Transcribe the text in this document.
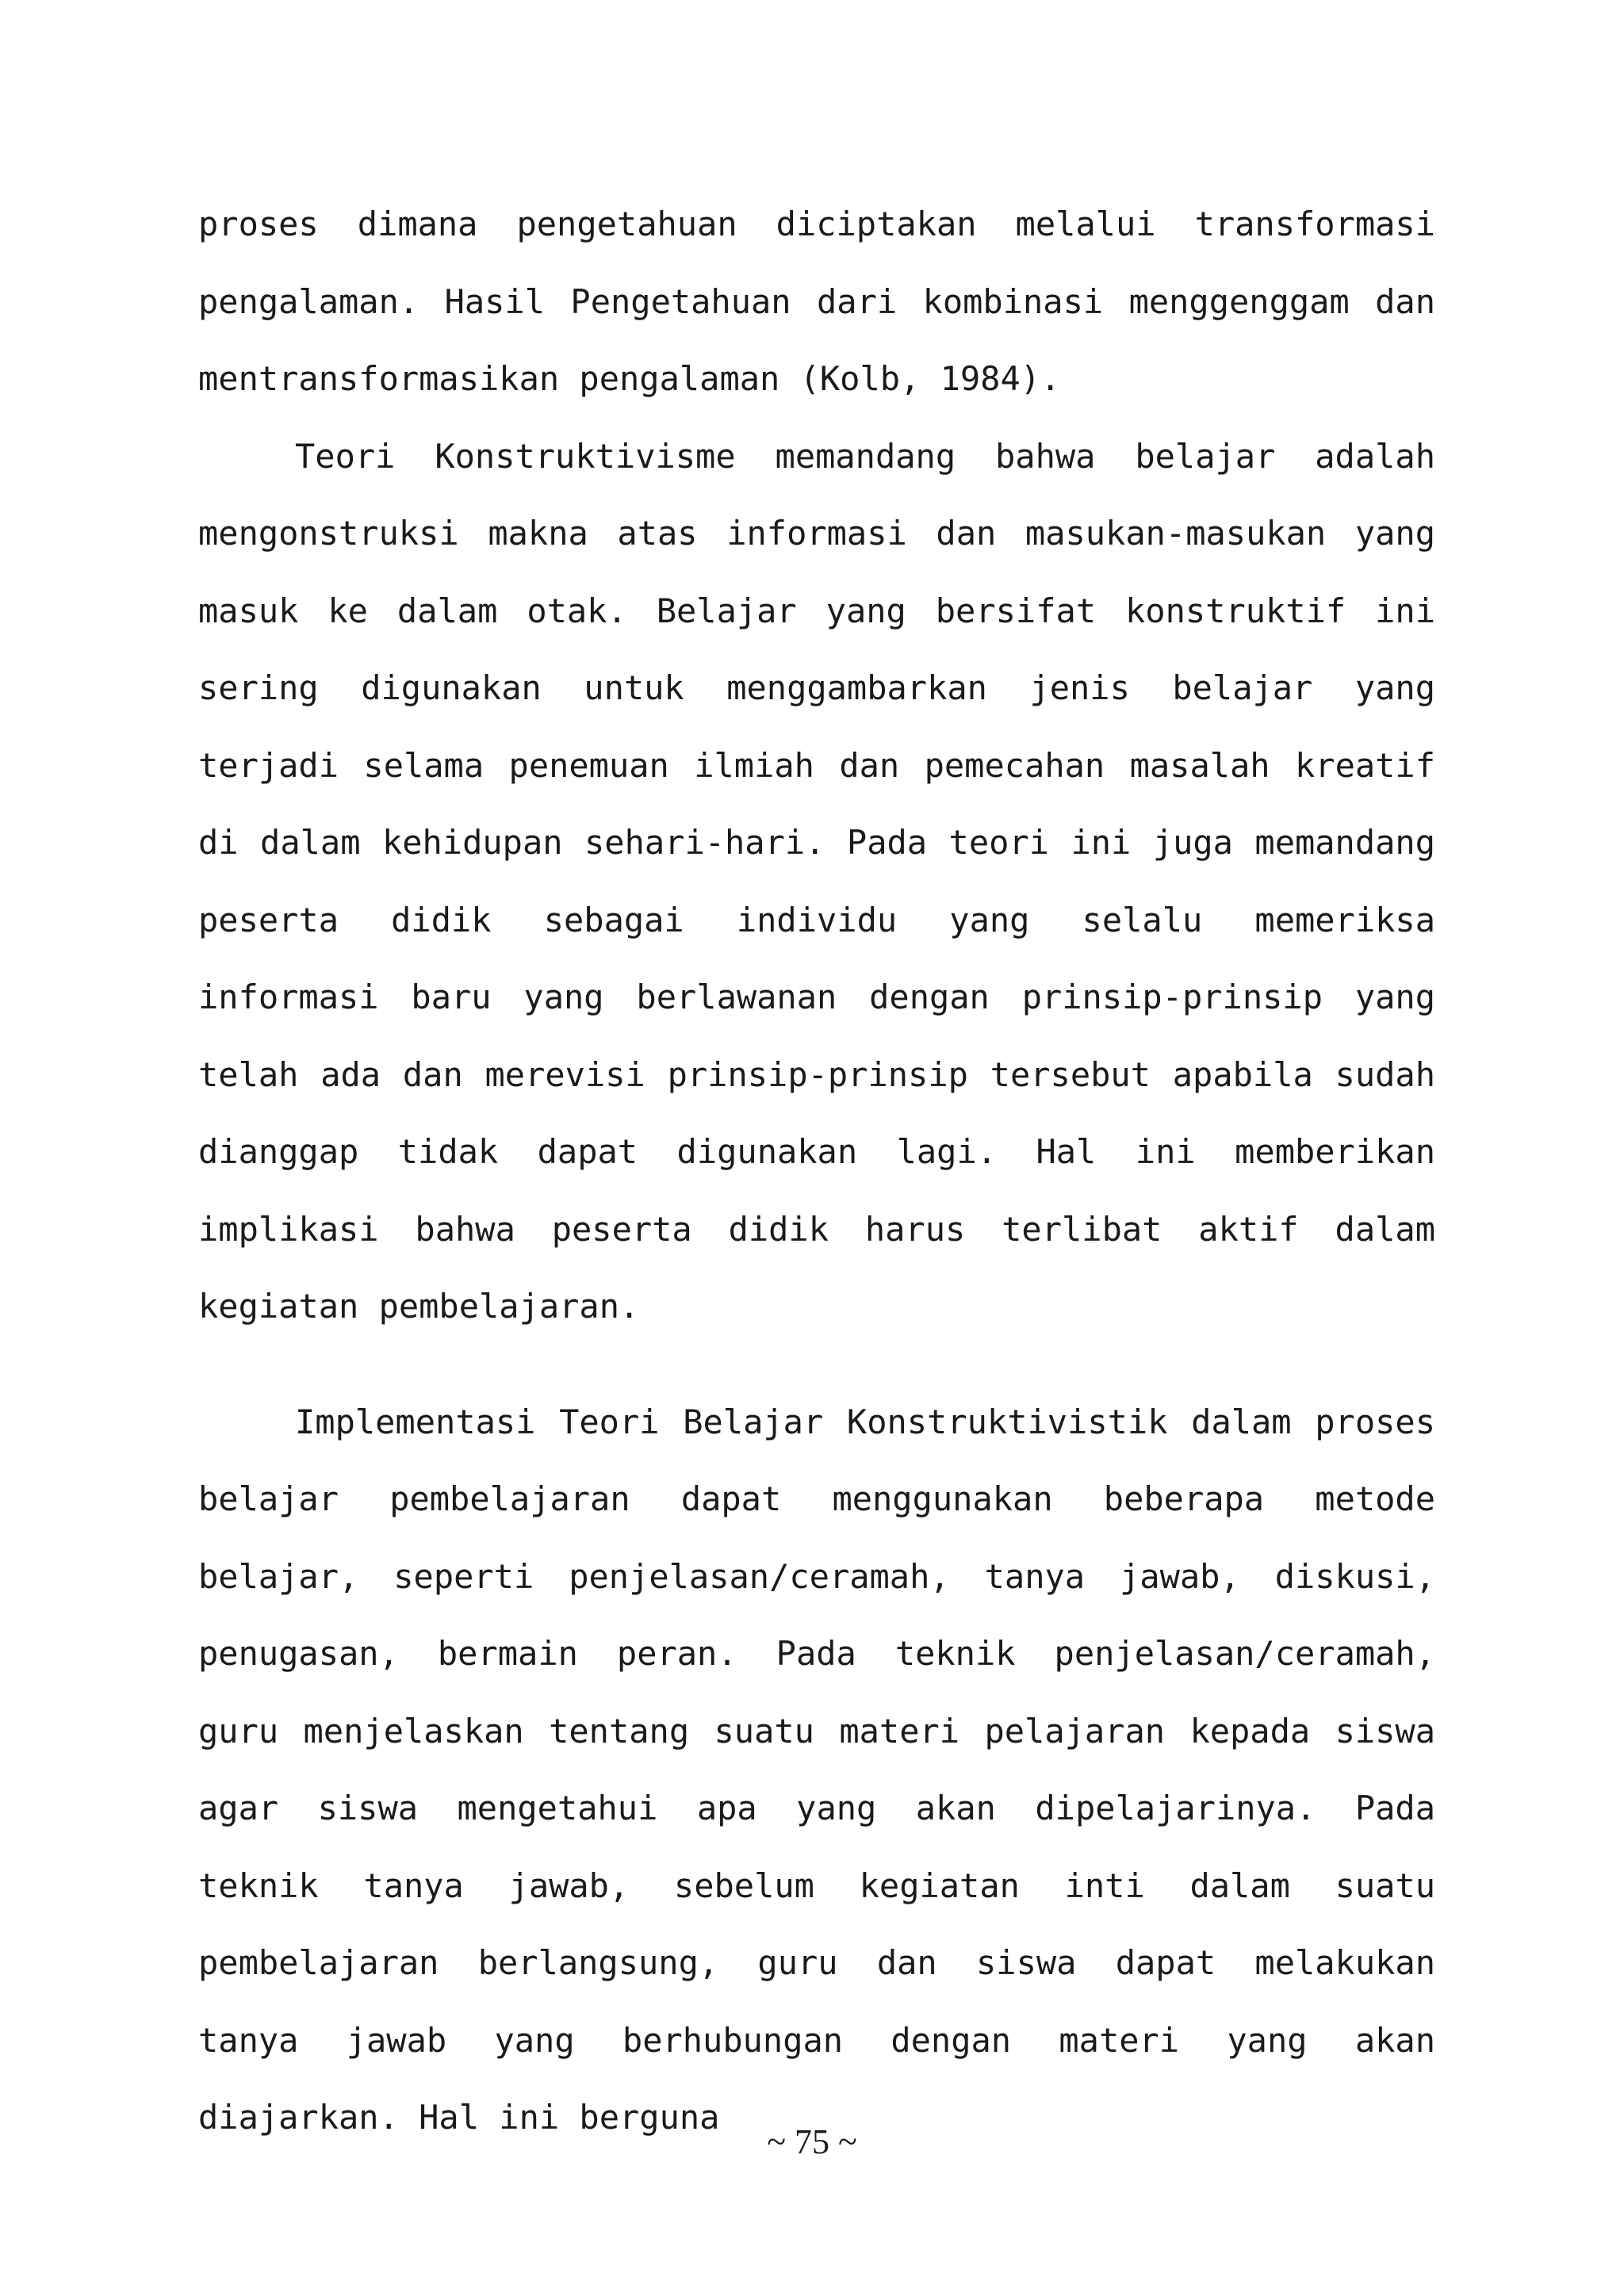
proses dimana pengetahuan diciptakan melalui transformasi pengalaman. Hasil Pengetahuan dari kombinasi menggenggam dan mentransformasikan pengalaman (Kolb, 1984).

Teori Konstruktivisme memandang bahwa belajar adalah mengonstruksi makna atas informasi dan masukan-masukan yang masuk ke dalam otak. Belajar yang bersifat konstruktif ini sering digunakan untuk menggambarkan jenis belajar yang terjadi selama penemuan ilmiah dan pemecahan masalah kreatif di dalam kehidupan sehari-hari. Pada teori ini juga memandang peserta didik sebagai individu yang selalu memeriksa informasi baru yang berlawanan dengan prinsip-prinsip yang telah ada dan merevisi prinsip-prinsip tersebut apabila sudah dianggap tidak dapat digunakan lagi. Hal ini memberikan implikasi bahwa peserta didik harus terlibat aktif dalam kegiatan pembelajaran.

Implementasi Teori Belajar Konstruktivistik dalam proses belajar pembelajaran dapat menggunakan beberapa metode belajar, seperti penjelasan/ceramah, tanya jawab, diskusi, penugasan, bermain peran. Pada teknik penjelasan/ceramah, guru menjelaskan tentang suatu materi pelajaran kepada siswa agar siswa mengetahui apa yang akan dipelajarinya. Pada teknik tanya jawab, sebelum kegiatan inti dalam suatu pembelajaran berlangsung, guru dan siswa dapat melakukan tanya jawab yang berhubungan dengan materi yang akan diajarkan. Hal ini berguna

~ 75 ~
